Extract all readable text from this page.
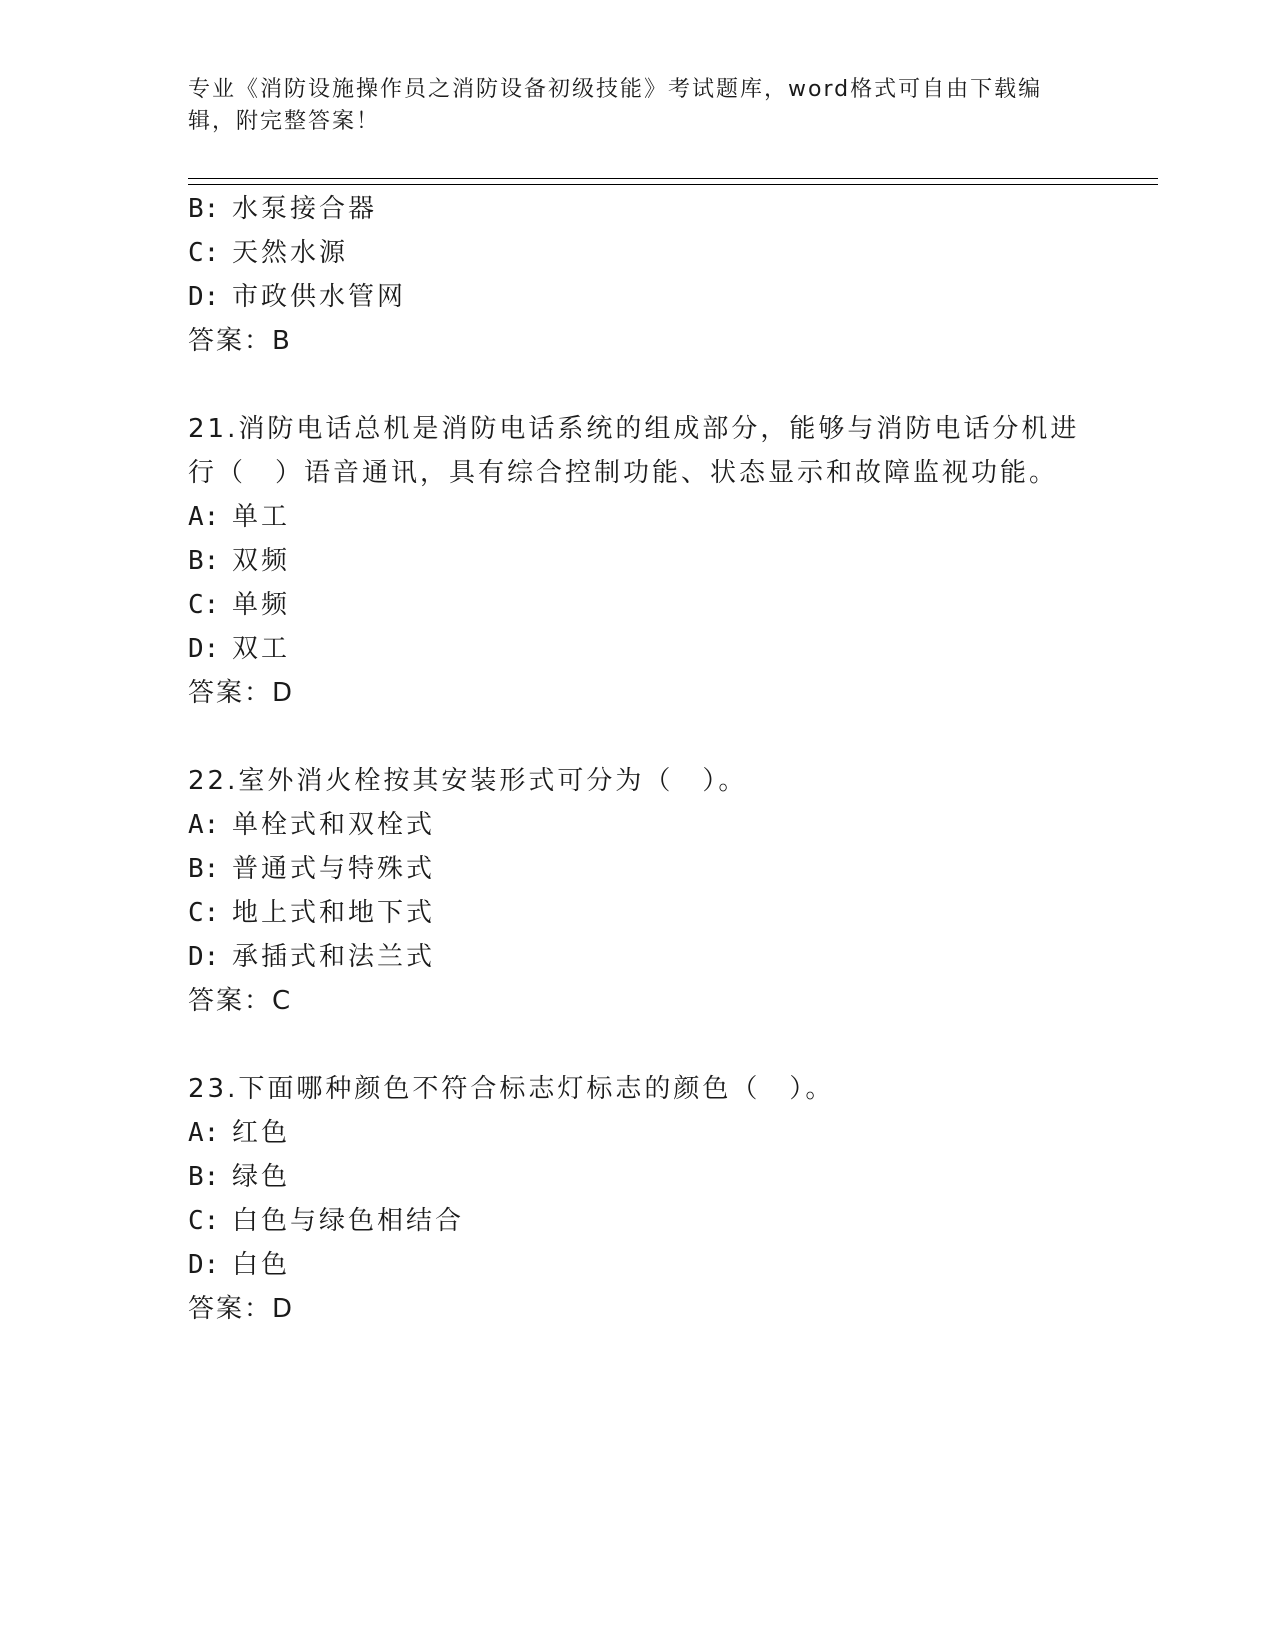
专业《消防设施操作员之消防设备初级技能》考试题库，word格式可自由下载编
辑，附完整答案！
B: 水泵接合器
C: 天然水源
D: 市政供水管网
答案：B
21.消防电话总机是消防电话系统的组成部分，能够与消防电话分机进
行（　）语音通讯，具有综合控制功能、状态显示和故障监视功能。
A: 单工
B: 双频
C: 单频
D: 双工
答案：D
22.室外消火栓按其安装形式可分为（　）。
A: 单栓式和双栓式
B: 普通式与特殊式
C: 地上式和地下式
D: 承插式和法兰式
答案：C
23.下面哪种颜色不符合标志灯标志的颜色（　）。
A: 红色
B: 绿色
C: 白色与绿色相结合
D: 白色
答案：D
